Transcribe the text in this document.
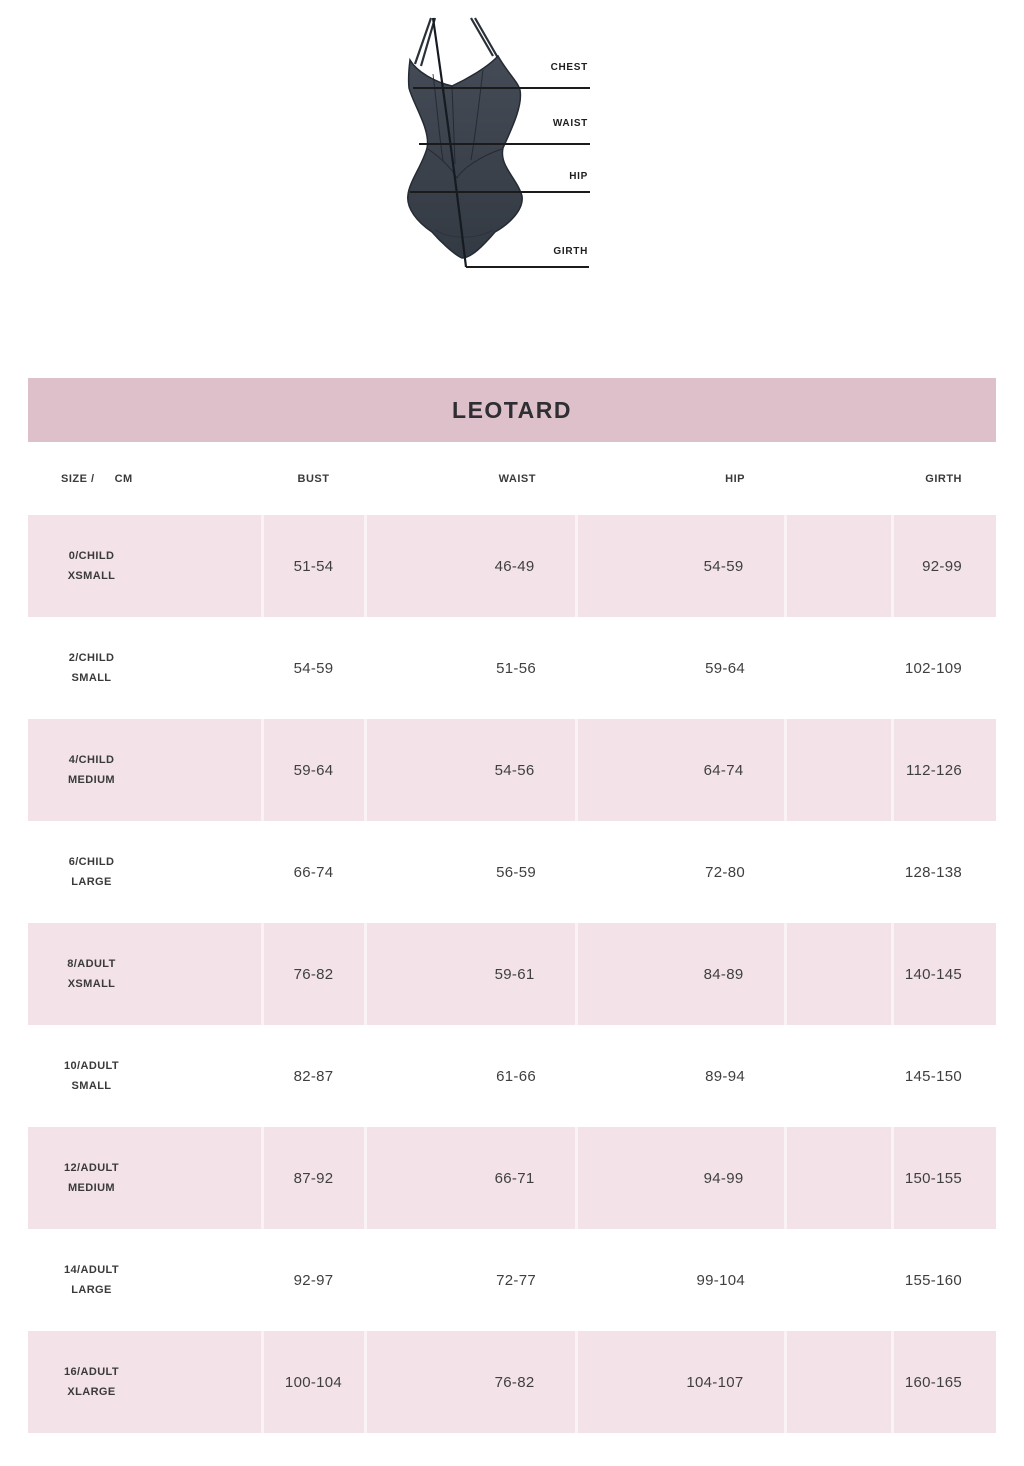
CHEST
WAIST
HIP
GIRTH
LEOTARD
SIZE / CM	BUST	WAIST	HIP		GIRTH

0/CHILD
XSMALL	51-54	46-49	54-59		92-99

2/CHILD
SMALL	54-59	51-56	59-64		102-109

4/CHILD
MEDIUM	59-64	54-56	64-74		112-126

6/CHILD
LARGE	66-74	56-59	72-80		128-138

8/ADULT
XSMALL	76-82	59-61	84-89		140-145

10/ADULT
SMALL	82-87	61-66	89-94		145-150

12/ADULT
MEDIUM	87-92	66-71	94-99		150-155

14/ADULT
LARGE	92-97	72-77	99-104		155-160

16/ADULT
XLARGE	100-104	76-82	104-107		160-165
